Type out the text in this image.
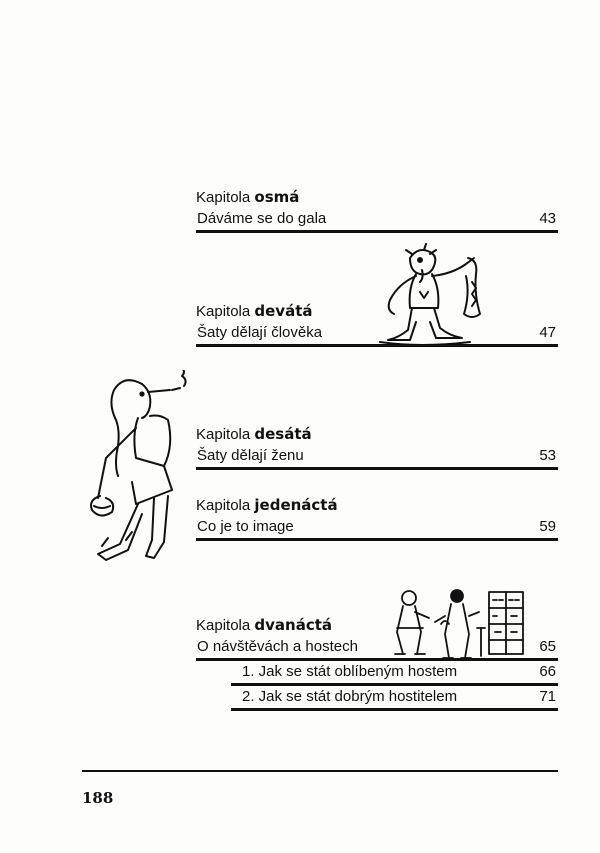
Kapitola osmá
Dáváme se do gala	43
Kapitola devátá
Šaty dělají člověka	47
Kapitola desátá
Šaty dělají ženu	53
Kapitola jedenáctá
Co je to image	59
Kapitola dvanáctá
O návštěvách a hostech	65
1. Jak se stát oblíbeným hostem	66
2. Jak se stát dobrým hostitelem	71
188
